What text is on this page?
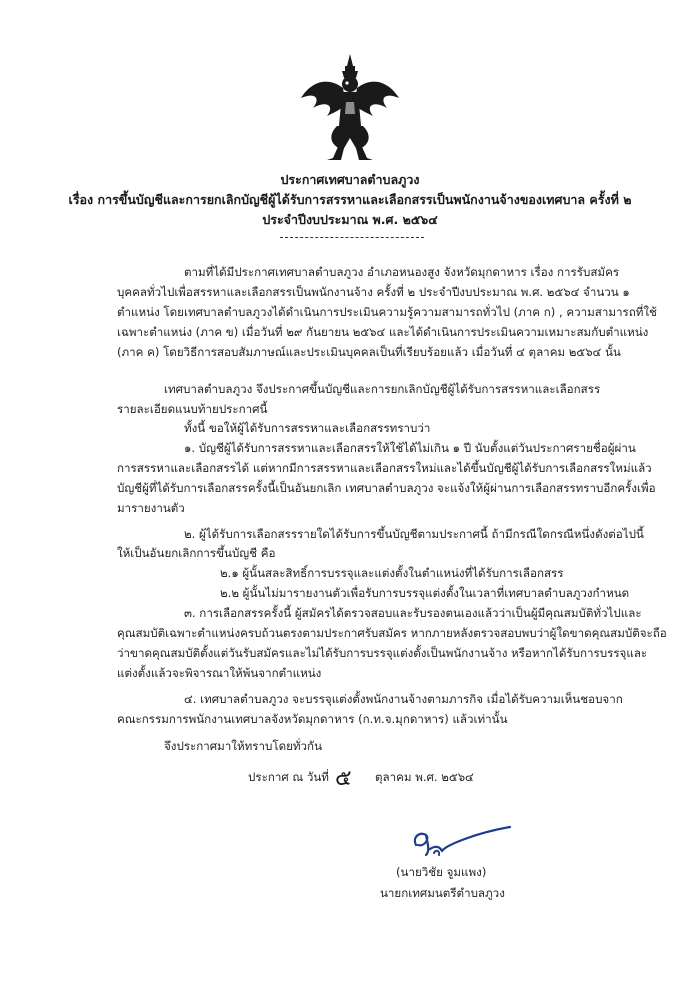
ประกาศเทศบาลตำบลภูวง
เรื่อง การขึ้นบัญชีและการยกเลิกบัญชีผู้ได้รับการสรรหาและเลือกสรรเป็นพนักงานจ้างของเทศบาล ครั้งที่ ๒
ประจำปีงบประมาณ พ.ศ. ๒๕๖๔
ตามที่ได้มีประกาศเทศบาลตำบลภูวง อำเภอหนองสูง จังหวัดมุกดาหาร เรื่อง การรับสมัคร
บุคคลทั่วไปเพื่อสรรหาและเลือกสรรเป็นพนักงานจ้าง ครั้งที่ ๒ ประจำปีงบประมาณ พ.ศ. ๒๕๖๔ จำนวน ๑
ตำแหน่ง โดยเทศบาลตำบลภูวงได้ดำเนินการประเมินความรู้ความสามารถทั่วไป (ภาค ก) , ความสามารถที่ใช้
เฉพาะตำแหน่ง (ภาค ข) เมื่อวันที่ ๒๙ กันยายน ๒๕๖๔ และได้ดำเนินการประเมินความเหมาะสมกับตำแหน่ง
(ภาค ค) โดยวิธีการสอบสัมภาษณ์และประเมินบุคคลเป็นที่เรียบร้อยแล้ว เมื่อวันที่ ๔ ตุลาคม ๒๕๖๔ นั้น
เทศบาลตำบลภูวง จึงประกาศขึ้นบัญชีและการยกเลิกบัญชีผู้ได้รับการสรรหาและเลือกสรร
รายละเอียดแนบท้ายประกาศนี้
ทั้งนี้ ขอให้ผู้ได้รับการสรรหาและเลือกสรรทราบว่า
๑. บัญชีผู้ได้รับการสรรหาและเลือกสรรให้ใช้ได้ไม่เกิน ๑ ปี นับตั้งแต่วันประกาศรายชื่อผู้ผ่าน
การสรรหาและเลือกสรรได้ แต่หากมีการสรรหาและเลือกสรรใหม่และได้ขึ้นบัญชีผู้ได้รับการเลือกสรรใหม่แล้ว
บัญชีผู้ที่ได้รับการเลือกสรรครั้งนี้เป็นอันยกเลิก เทศบาลตำบลภูวง จะแจ้งให้ผู้ผ่านการเลือกสรรทราบอีกครั้งเพื่อ
มารายงานตัว
๒. ผู้ได้รับการเลือกสรรรายใดได้รับการขึ้นบัญชีตามประกาศนี้ ถ้ามีกรณีใดกรณีหนึ่งดังต่อไปนี้
ให้เป็นอันยกเลิกการขึ้นบัญชี คือ
๒.๑ ผู้นั้นสละสิทธิ์การบรรจุและแต่งตั้งในตำแหน่งที่ได้รับการเลือกสรร
๒.๒ ผู้นั้นไม่มารายงานตัวเพื่อรับการบรรจุแต่งตั้งในเวลาที่เทศบาลตำบลภูวงกำหนด
๓. การเลือกสรรครั้งนี้ ผู้สมัครได้ตรวจสอบและรับรองตนเองแล้วว่าเป็นผู้มีคุณสมบัติทั่วไปและ
คุณสมบัติเฉพาะตำแหน่งครบถ้วนตรงตามประกาศรับสมัคร หากภายหลังตรวจสอบพบว่าผู้ใดขาดคุณสมบัติจะถือ
ว่าขาดคุณสมบัติตั้งแต่วันรับสมัครและไม่ได้รับการบรรจุแต่งตั้งเป็นพนักงานจ้าง หรือหากได้รับการบรรจุและ
แต่งตั้งแล้วจะพิจารณาให้พ้นจากตำแหน่ง
๔. เทศบาลตำบลภูวง จะบรรจุแต่งตั้งพนักงานจ้างตามภารกิจ เมื่อได้รับความเห็นชอบจาก
คณะกรรมการพนักงานเทศบาลจังหวัดมุกดาหาร (ก.ท.จ.มุกดาหาร) แล้วเท่านั้น
จึงประกาศมาให้ทราบโดยทั่วกัน
ประกาศ ณ วันที่ ๕ ตุลาคม พ.ศ. ๒๕๖๔
(นายวิชัย จูมแพง)
นายกเทศมนตรีตำบลภูวง
